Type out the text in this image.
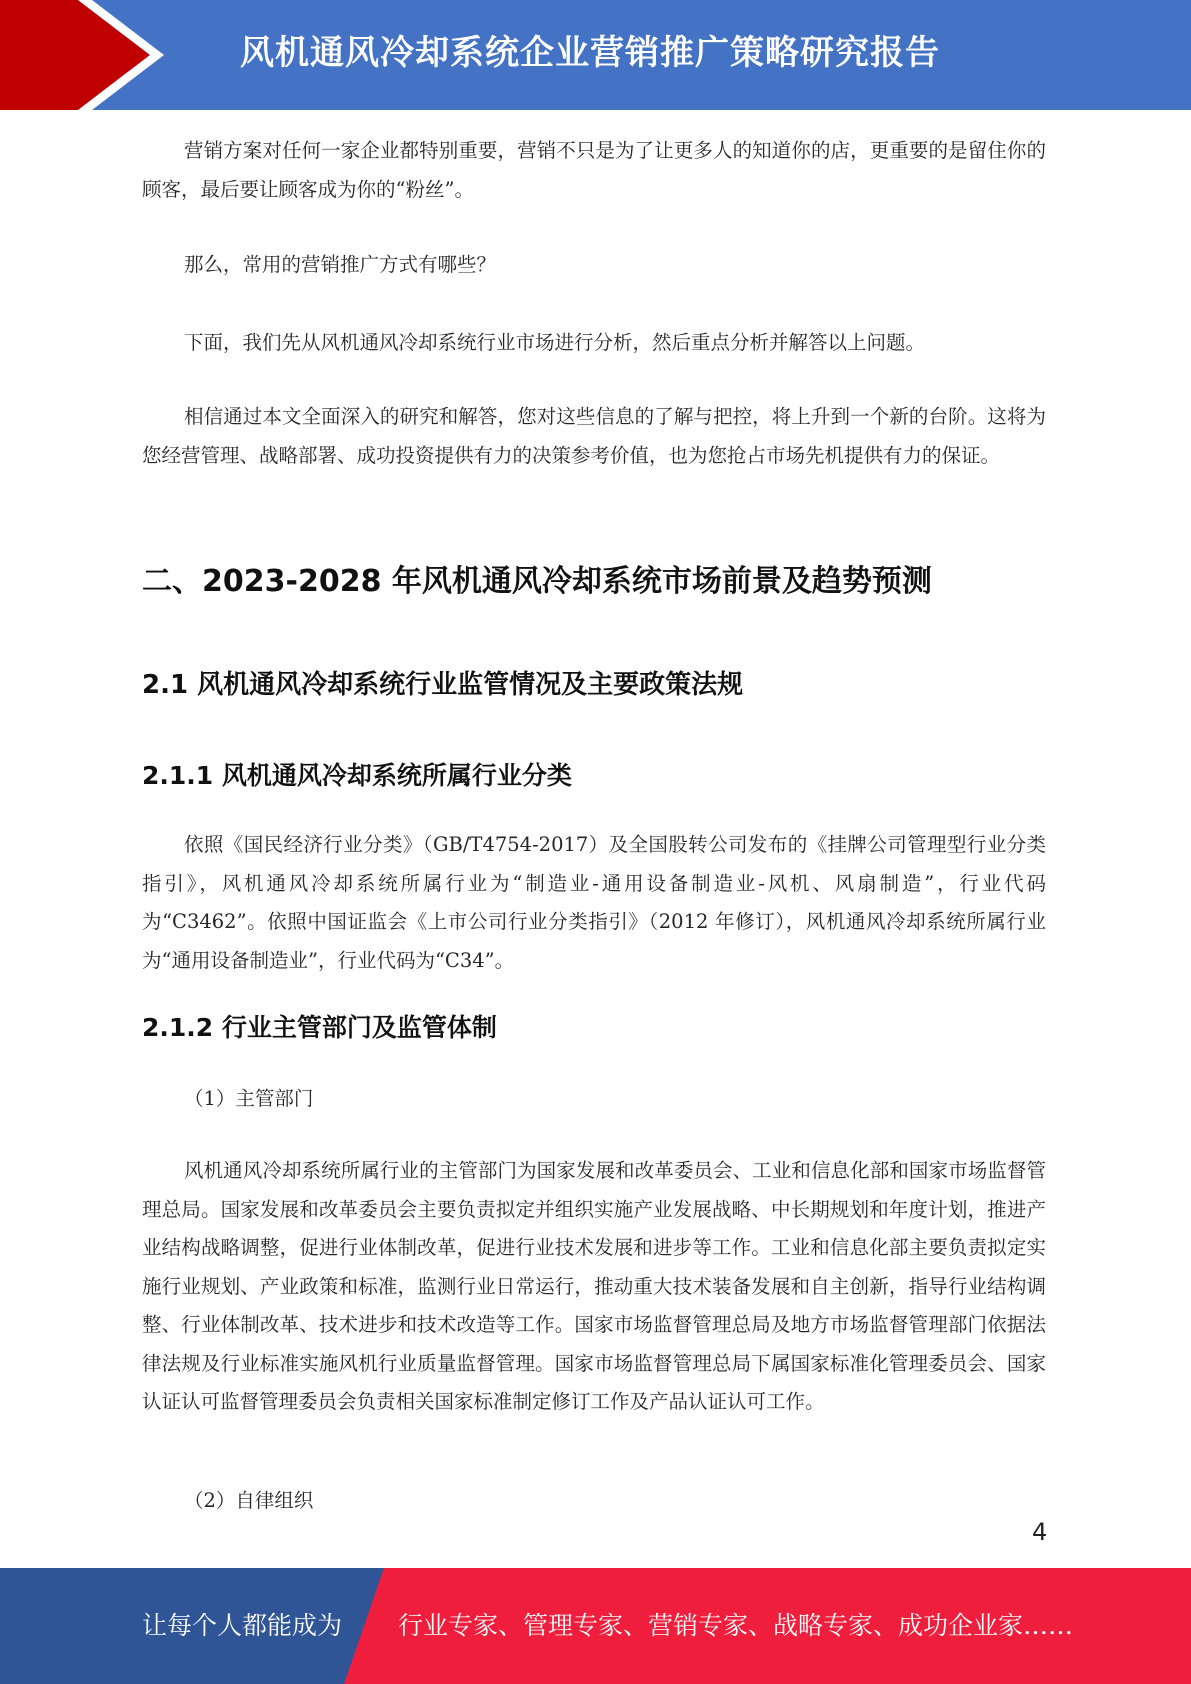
风机通风冷却系统企业营销推广策略研究报告

营销方案对任何一家企业都特别重要，营销不只是为了让更多人的知道你的店，更重要的是留住你的顾客，最后要让顾客成为你的“粉丝”。

那么，常用的营销推广方式有哪些？

下面，我们先从风机通风冷却系统行业市场进行分析，然后重点分析并解答以上问题。

相信通过本文全面深入的研究和解答，您对这些信息的了解与把控，将上升到一个新的台阶。这将为您经营管理、战略部署、成功投资提供有力的决策参考价值，也为您抢占市场先机提供有力的保证。

二、2023-2028 年风机通风冷却系统市场前景及趋势预测
2.1 风机通风冷却系统行业监管情况及主要政策法规
2.1.1 风机通风冷却系统所属行业分类

依照《国民经济行业分类》（GB/T4754-2017）及全国股转公司发布的《挂牌公司管理型行业分类指引》，风机通风冷却系统所属行业为“制造业-通用设备制造业-风机、风扇制造”，行业代码为“C3462”。依照中国证监会《上市公司行业分类指引》（2012 年修订），风机通风冷却系统所属行业为“通用设备制造业”，行业代码为“C34”。

2.1.2 行业主管部门及监管体制

（1）主管部门

风机通风冷却系统所属行业的主管部门为国家发展和改革委员会、工业和信息化部和国家市场监督管理总局。国家发展和改革委员会主要负责拟定并组织实施产业发展战略、中长期规划和年度计划，推进产业结构战略调整，促进行业体制改革，促进行业技术发展和进步等工作。工业和信息化部主要负责拟定实施行业规划、产业政策和标准，监测行业日常运行，推动重大技术装备发展和自主创新，指导行业结构调整、行业体制改革、技术进步和技术改造等工作。国家市场监督管理总局及地方市场监督管理部门依据法律法规及行业标准实施风机行业质量监督管理。国家市场监督管理总局下属国家标准化管理委员会、国家认证认可监督管理委员会负责相关国家标准制定修订工作及产品认证认可工作。

（2）自律组织

4
让每个人都能成为 行业专家、管理专家、营销专家、战略专家、成功企业家……
